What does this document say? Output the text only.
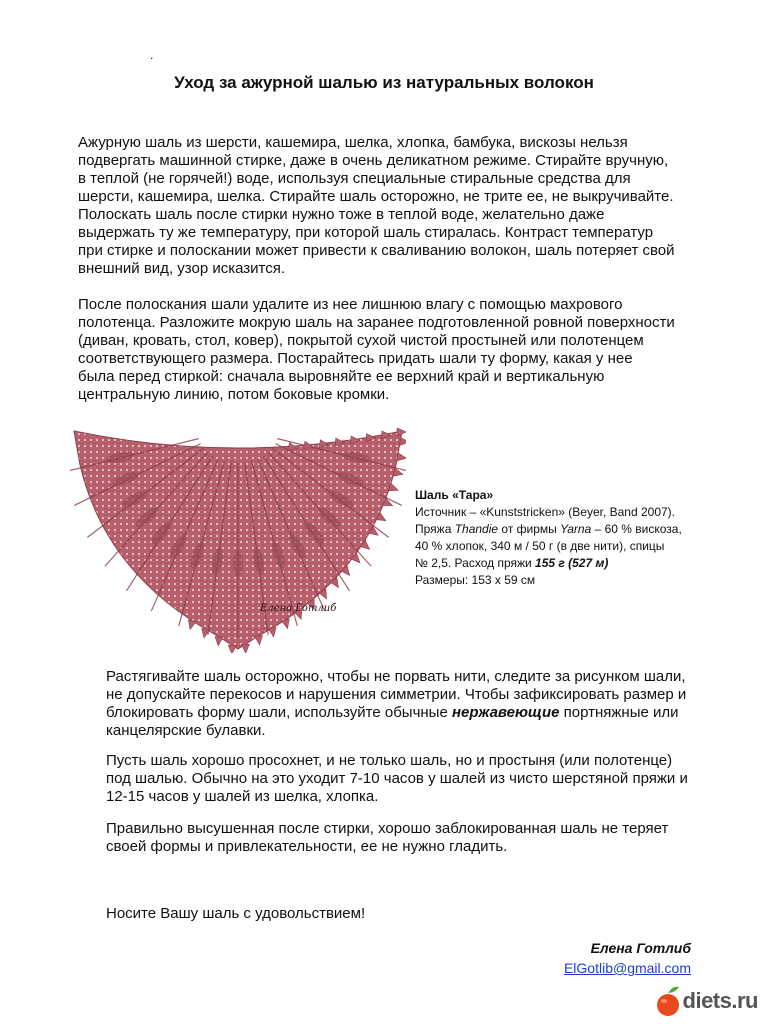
.
Уход за ажурной шалью из натуральных волокон

Ажурную шаль из шерсти, кашемира, шелка, хлопка, бамбука, вискозы нельзя
подвергать машинной стирке, даже в очень деликатном режиме. Стирайте вручную,
в теплой (не горячей!) воде, используя специальные стиральные средства для
шерсти, кашемира, шелка. Стирайте шаль осторожно, не трите ее, не выкручивайте.
Полоскать шаль после стирки нужно тоже в теплой воде, желательно даже
выдержать ту же температуру, при которой шаль стиралась. Контраст температур
при стирке и полоскании может привести к сваливанию волокон, шаль потеряет свой
внешний вид, узор исказится.

После полоскания шали удалите из нее лишнюю влагу с помощью махрового
полотенца. Разложите мокрую шаль на заранее подготовленной ровной поверхности
(диван, кровать, стол, ковер), покрытой сухой чистой простыней или полотенцем
соответствующего размера. Постарайтесь придать шали ту форму, какая у нее
была перед стиркой: сначала выровняйте ее верхний край и вертикальную
центральную линию, потом боковые кромки.

Елена Готлиб
Шаль «Тара»
Источник – «Kunststricken» (Beyer, Band 2007).
Пряжа Thandie от фирмы Yarna – 60 % вискоза,
40 % хлопок, 340 м / 50 г (в две нити), спицы
№ 2,5. Расход пряжи 155 г (527 м)
Размеры: 153 х 59 см

Растягивайте шаль осторожно, чтобы не порвать нити, следите за рисунком шали,
не допускайте перекосов и нарушения симметрии. Чтобы зафиксировать размер и
блокировать форму шали, используйте обычные нержавеющие портняжные или
канцелярские булавки.

Пусть шаль хорошо просохнет, и не только шаль, но и простыня (или полотенце)
под шалью. Обычно на это уходит 7-10 часов у шалей из чисто шерстяной пряжи и
12-15 часов у шалей из шелка, хлопка.

Правильно высушенная после стирки, хорошо заблокированная шаль не теряет
своей формы и привлекательности, ее не нужно гладить.

Носите Вашу шаль с удовольствием!

Елена Готлиб

ElGotlib@gmail.com
diets.ru
